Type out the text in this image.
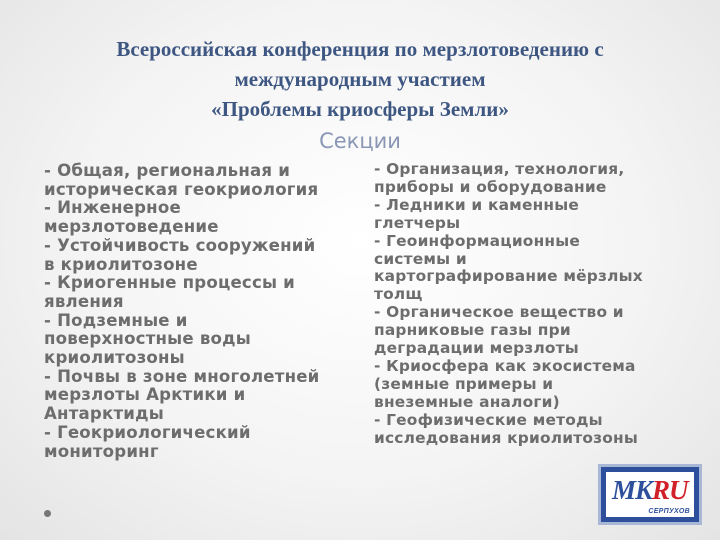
Всероссийская конференция по мерзлотоведению с
международным участием
«Проблемы криосферы Земли»
Секции
- Общая, региональная и
историческая геокриология
- Инженерное
мерзлотоведение
- Устойчивость сооружений
в криолитозоне
- Криогенные процессы и
явления
- Подземные и
поверхностные воды
криолитозоны
- Почвы в зоне многолетней
мерзлоты Арктики и
Антарктиды
- Геокриологический
мониторинг
- Организация, технология,
приборы и оборудование
- Ледники и каменные
глетчеры
- Геоинформационные
системы и
картографирование мёрзлых
толщ
- Органическое вещество и
парниковые газы при
деградации мерзлоты
- Криосфера как экосистема
(земные примеры и
внеземные аналоги)
- Геофизические методы
исследования криолитозоны
MKRU
СЕРПУХОВ
